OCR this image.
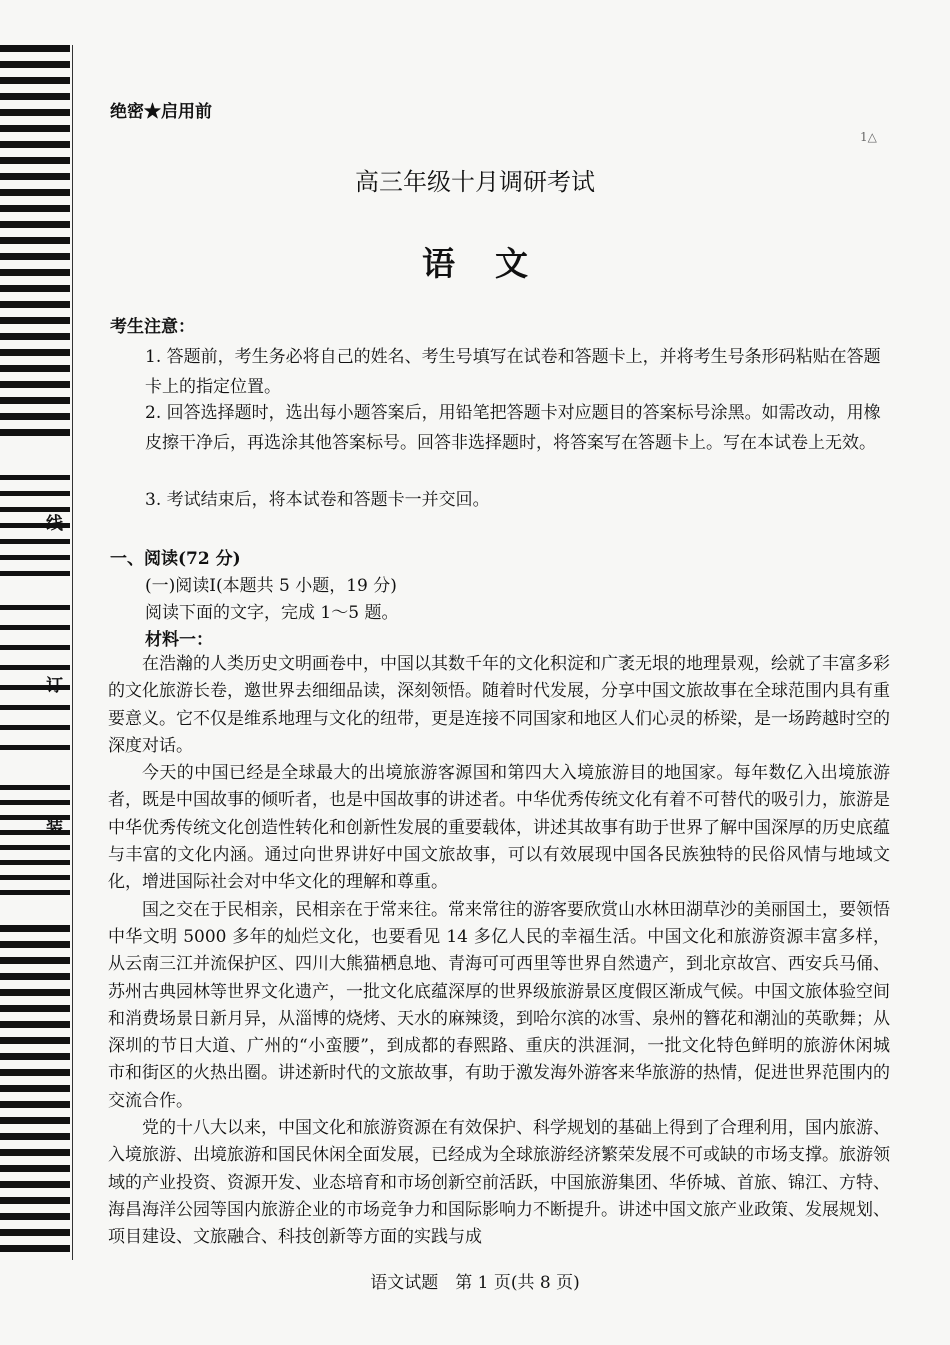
线
订
装
1△
绝密★启用前
高三年级十月调研考试
语文
考生注意：
1. 答题前，考生务必将自己的姓名、考生号填写在试卷和答题卡上，并将考生号条形码粘贴在答题卡上的指定位置。
2. 回答选择题时，选出每小题答案后，用铅笔把答题卡对应题目的答案标号涂黑。如需改动，用橡皮擦干净后，再选涂其他答案标号。回答非选择题时，将答案写在答题卡上。写在本试卷上无效。
3. 考试结束后，将本试卷和答题卡一并交回。
一、阅读(72 分)
(一)阅读Ⅰ(本题共 5 小题，19 分)
阅读下面的文字，完成 1～5 题。
材料一：

在浩瀚的人类历史文明画卷中，中国以其数千年的文化积淀和广袤无垠的地理景观，绘就了丰富多彩的文化旅游长卷，邀世界去细细品读，深刻领悟。随着时代发展，分享中国文旅故事在全球范围内具有重要意义。它不仅是维系地理与文化的纽带，更是连接不同国家和地区人们心灵的桥梁，是一场跨越时空的深度对话。

今天的中国已经是全球最大的出境旅游客源国和第四大入境旅游目的地国家。每年数亿入出境旅游者，既是中国故事的倾听者，也是中国故事的讲述者。中华优秀传统文化有着不可替代的吸引力，旅游是中华优秀传统文化创造性转化和创新性发展的重要载体，讲述其故事有助于世界了解中国深厚的历史底蕴与丰富的文化内涵。通过向世界讲好中国文旅故事，可以有效展现中国各民族独特的民俗风情与地域文化，增进国际社会对中华文化的理解和尊重。

国之交在于民相亲，民相亲在于常来往。常来常往的游客要欣赏山水林田湖草沙的美丽国土，要领悟中华文明 5000 多年的灿烂文化，也要看见 14 多亿人民的幸福生活。中国文化和旅游资源丰富多样，从云南三江并流保护区、四川大熊猫栖息地、青海可可西里等世界自然遗产，到北京故宫、西安兵马俑、苏州古典园林等世界文化遗产，一批文化底蕴深厚的世界级旅游景区度假区渐成气候。中国文旅体验空间和消费场景日新月异，从淄博的烧烤、天水的麻辣烫，到哈尔滨的冰雪、泉州的簪花和潮汕的英歌舞；从深圳的节日大道、广州的“小蛮腰”，到成都的春熙路、重庆的洪涯洞，一批文化特色鲜明的旅游休闲城市和街区的火热出圈。讲述新时代的文旅故事，有助于激发海外游客来华旅游的热情，促进世界范围内的交流合作。

党的十八大以来，中国文化和旅游资源在有效保护、科学规划的基础上得到了合理利用，国内旅游、入境旅游、出境旅游和国民休闲全面发展，已经成为全球旅游经济繁荣发展不可或缺的市场支撑。旅游领域的产业投资、资源开发、业态培育和市场创新空前活跃，中国旅游集团、华侨城、首旅、锦江、方特、海昌海洋公园等国内旅游企业的市场竞争力和国际影响力不断提升。讲述中国文旅产业政策、发展规划、项目建设、文旅融合、科技创新等方面的实践与成

语文试题　第 1 页(共 8 页)
